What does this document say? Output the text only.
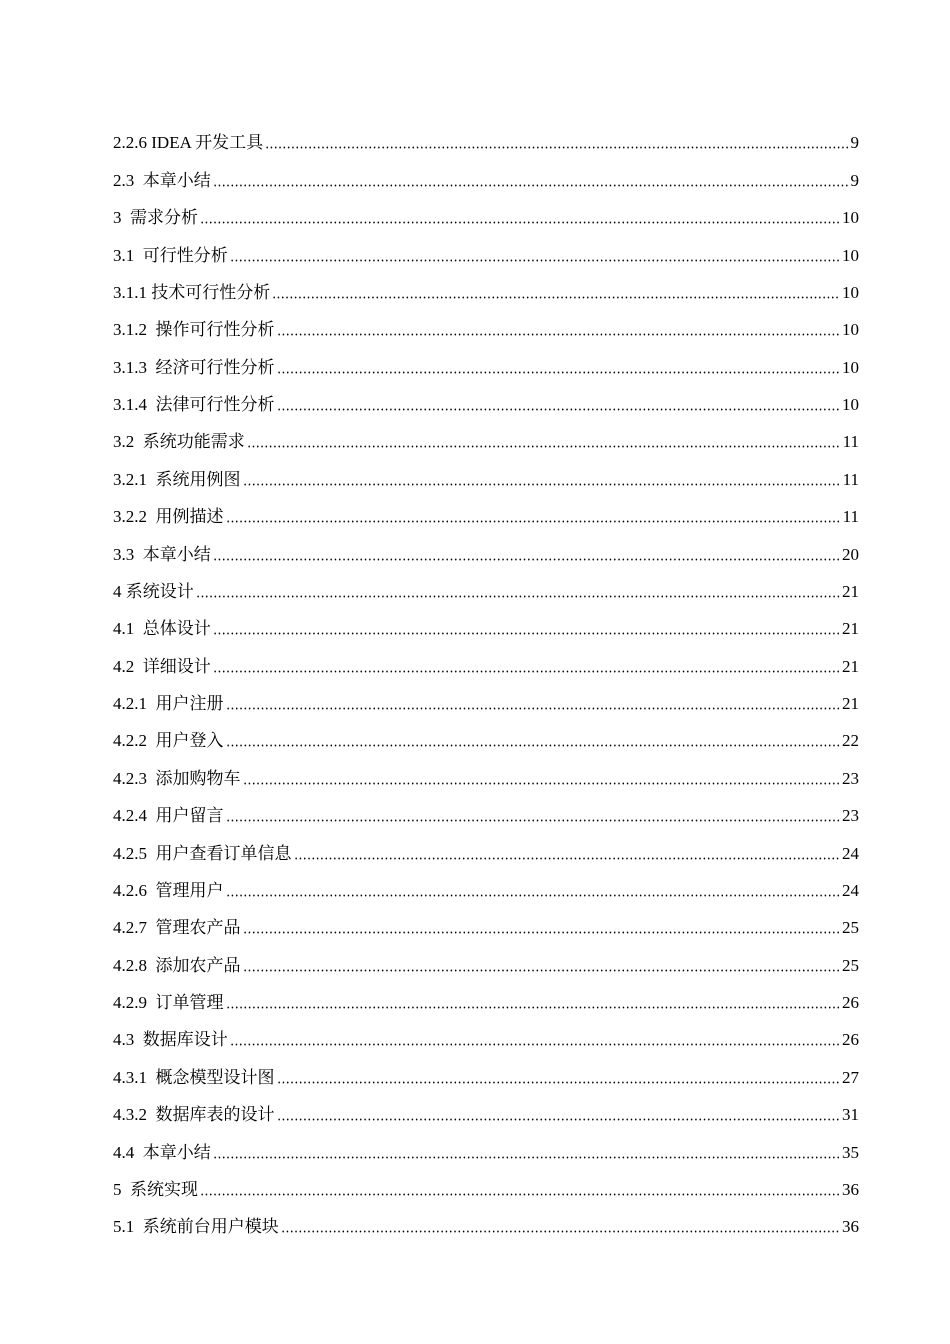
2.2.6 IDEA 开发工具	9
2.3  本章小结	9
3  需求分析	10
3.1  可行性分析	10
3.1.1 技术可行性分析	10
3.1.2  操作可行性分析	10
3.1.3  经济可行性分析	10
3.1.4  法律可行性分析	10
3.2  系统功能需求	11
3.2.1  系统用例图	11
3.2.2  用例描述	11
3.3  本章小结	20
4 系统设计	21
4.1  总体设计	21
4.2  详细设计	21
4.2.1  用户注册	21
4.2.2  用户登入	22
4.2.3  添加购物车	23
4.2.4  用户留言	23
4.2.5  用户查看订单信息	24
4.2.6  管理用户	24
4.2.7  管理农产品	25
4.2.8  添加农产品	25
4.2.9  订单管理	26
4.3  数据库设计	26
4.3.1  概念模型设计图	27
4.3.2  数据库表的设计	31
4.4  本章小结	35
5  系统实现	36
5.1  系统前台用户模块	36
